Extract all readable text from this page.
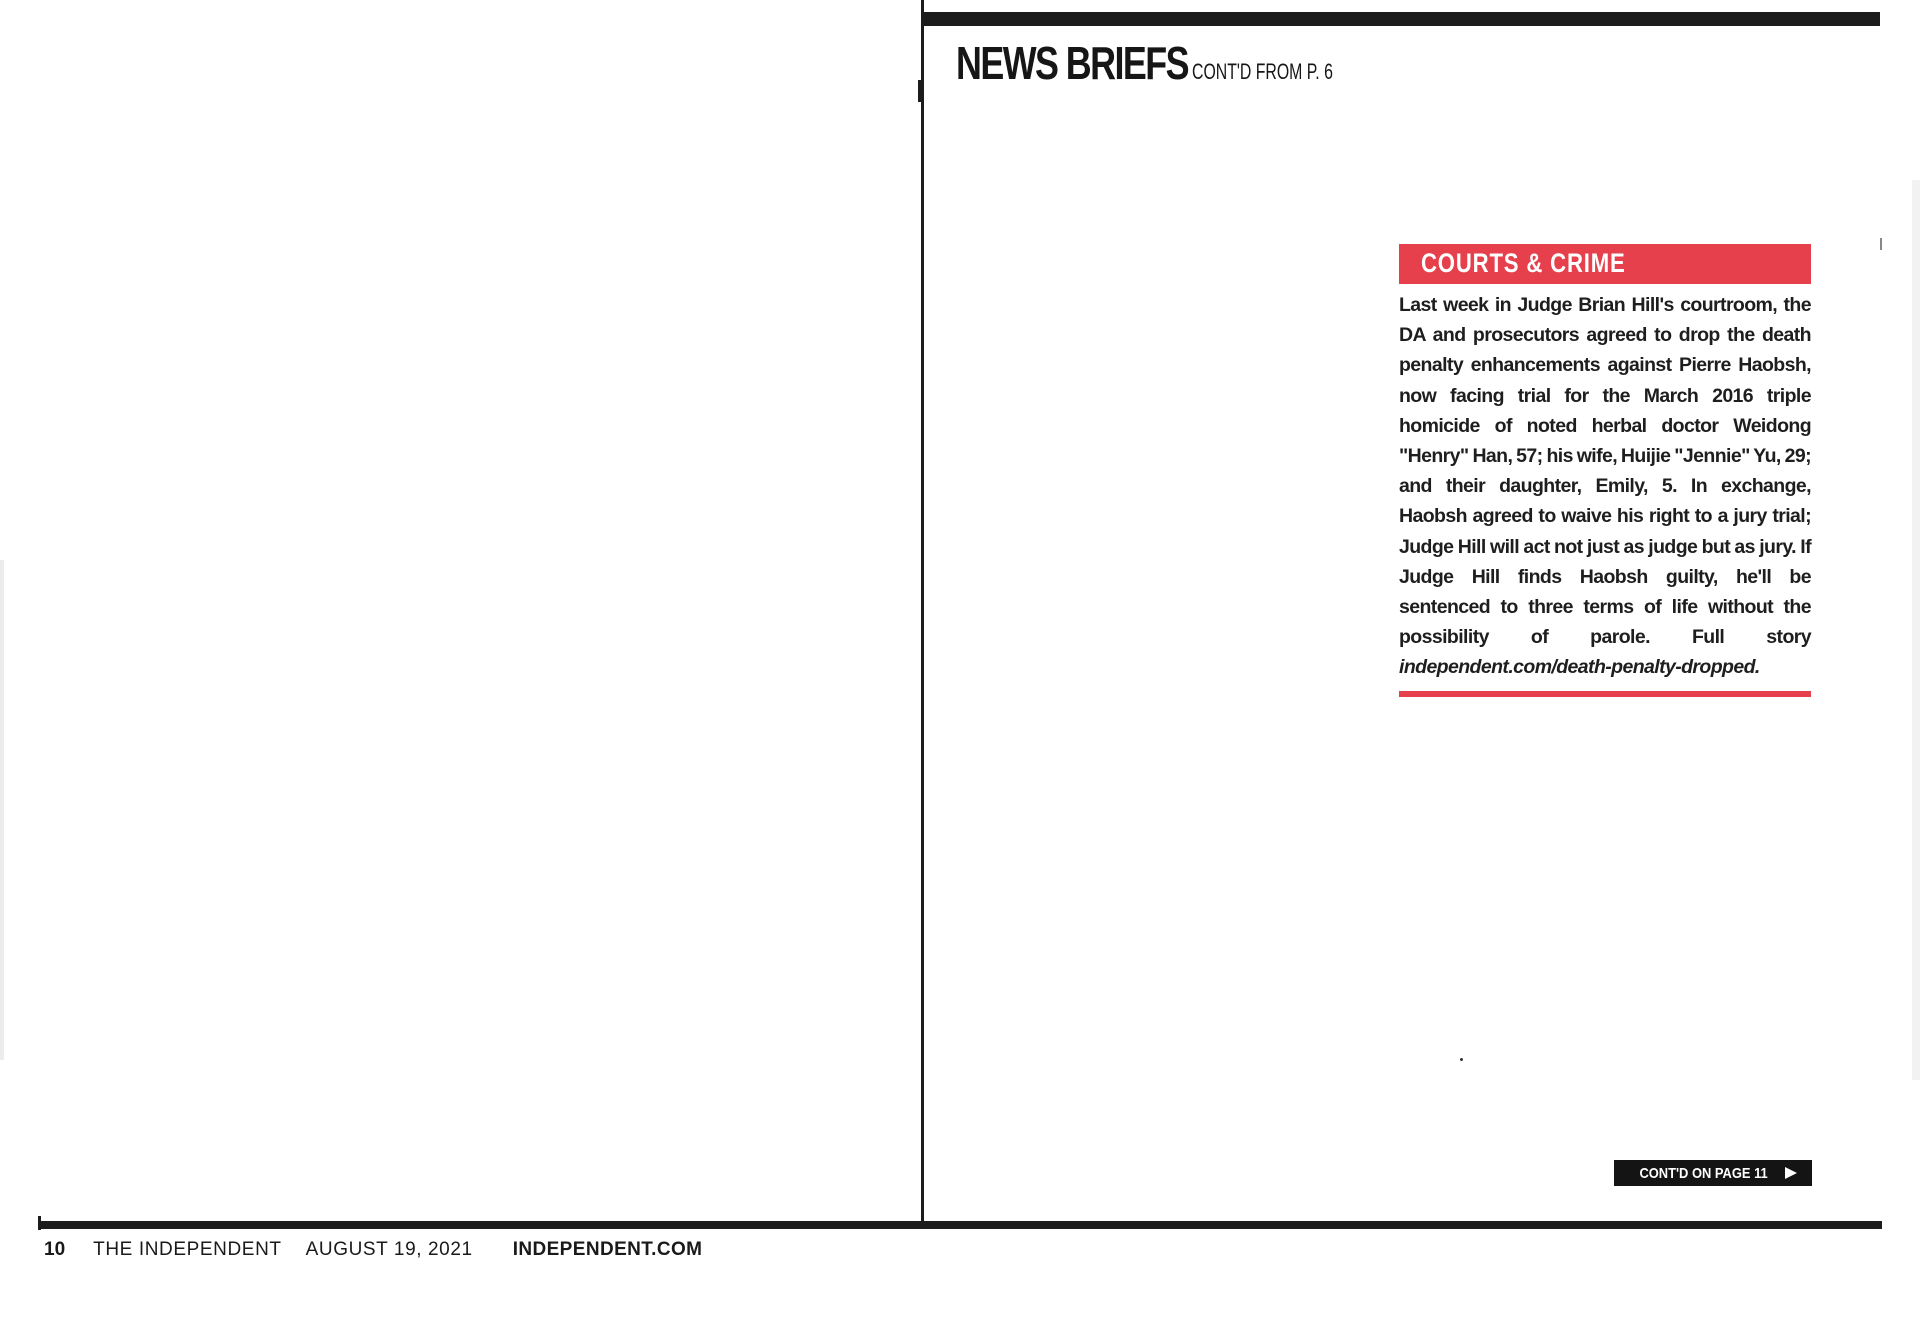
NEWS BRIEFS CONT'D FROM P. 6
COURTS & CRIME
Last week in Judge Brian Hill's courtroom, the DA and prosecutors agreed to drop the death penalty enhancements against Pierre Haobsh, now facing trial for the March 2016 triple homicide of noted herbal doctor Weidong "Henry" Han, 57; his wife, Huijie "Jennie" Yu, 29; and their daughter, Emily, 5. In exchange, Haobsh agreed to waive his right to a jury trial; Judge Hill will act not just as judge but as jury. If Judge Hill finds Haobsh guilty, he'll be sentenced to three terms of life without the possibility of parole. Full story independent.com/death-penalty-dropped.
CONT'D ON PAGE 11
10 THE INDEPENDENT AUGUST 19, 2021 INDEPENDENT.COM
